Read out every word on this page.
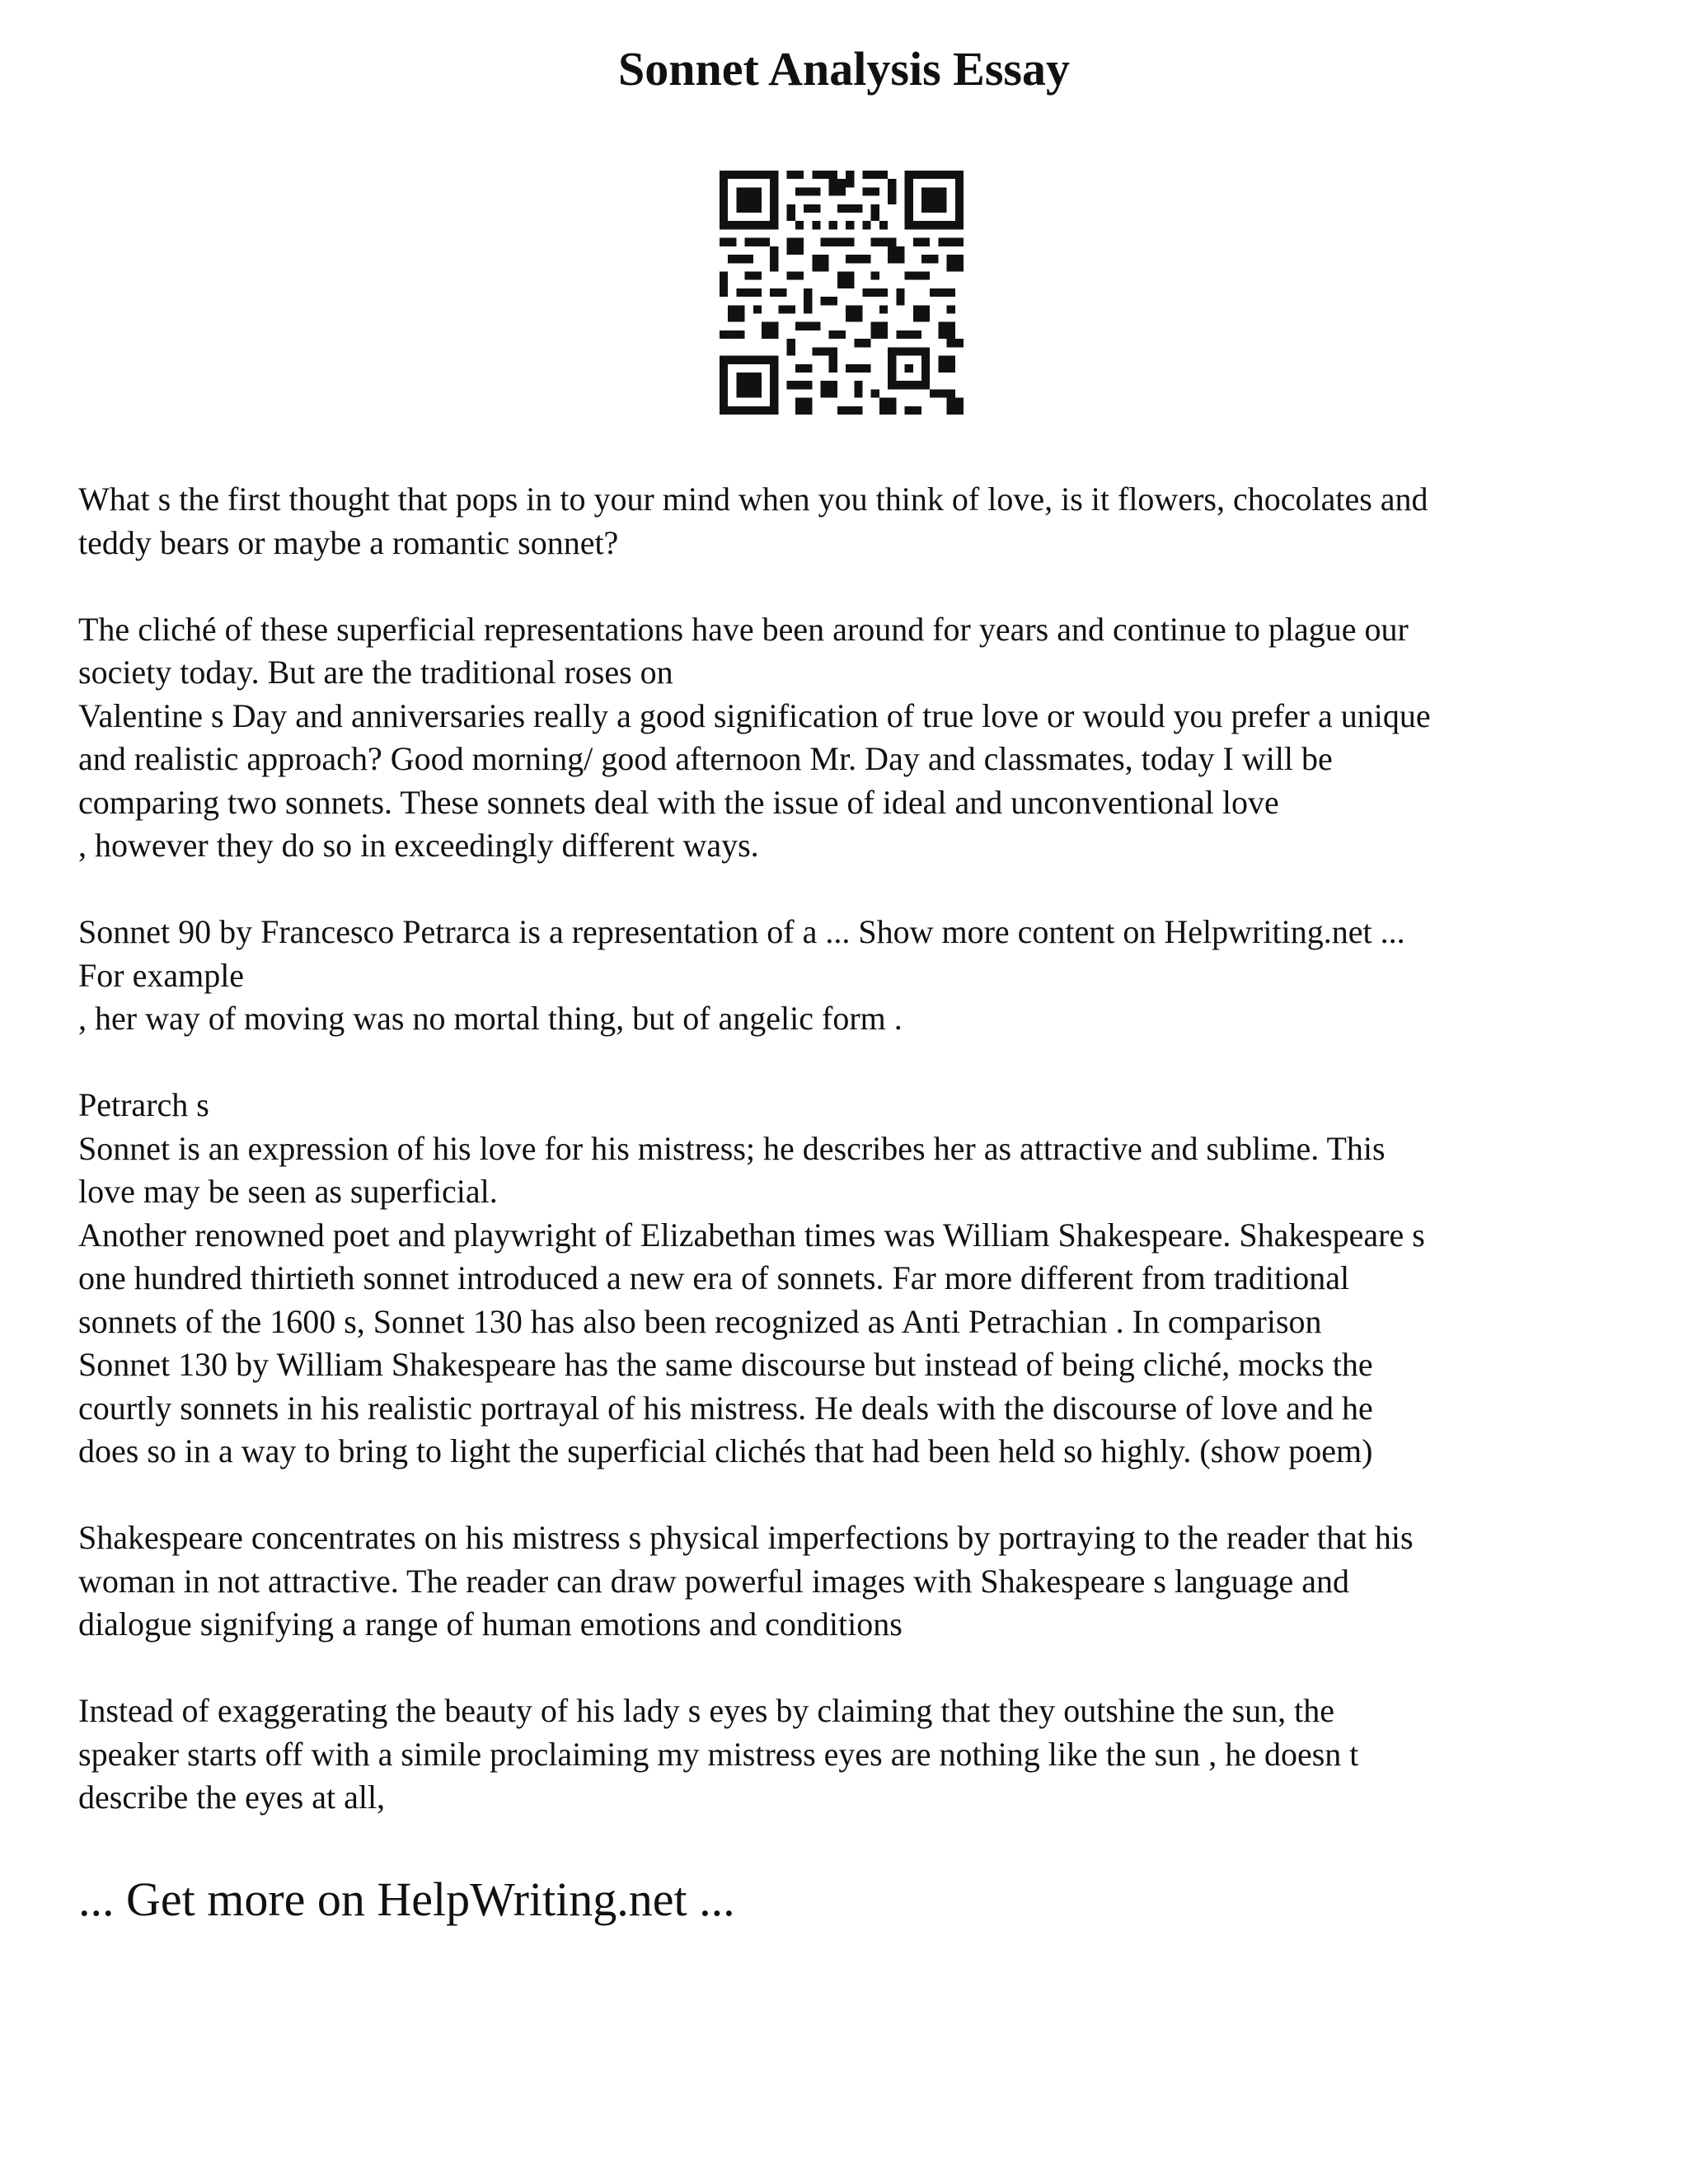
Sonnet Analysis Essay

What s the first thought that pops in to your mind when you think of love, is it flowers, chocolates and
teddy bears or maybe a romantic sonnet?

The cliché of these superficial representations have been around for years and continue to plague our
society today. But are the traditional roses on
Valentine s Day and anniversaries really a good signification of true love or would you prefer a unique
and realistic approach? Good morning/ good afternoon Mr. Day and classmates, today I will be
comparing two sonnets. These sonnets deal with the issue of ideal and unconventional love
, however they do so in exceedingly different ways.

Sonnet 90 by Francesco Petrarca is a representation of a ... Show more content on Helpwriting.net ...
For example
, her way of moving was no mortal thing, but of angelic form .

Petrarch s
Sonnet is an expression of his love for his mistress; he describes her as attractive and sublime. This
love may be seen as superficial.
Another renowned poet and playwright of Elizabethan times was William Shakespeare. Shakespeare s
one hundred thirtieth sonnet introduced a new era of sonnets. Far more different from traditional
sonnets of the 1600 s, Sonnet 130 has also been recognized as Anti Petrachian . In comparison
Sonnet 130 by William Shakespeare has the same discourse but instead of being cliché, mocks the
courtly sonnets in his realistic portrayal of his mistress. He deals with the discourse of love and he
does so in a way to bring to light the superficial clichés that had been held so highly. (show poem)

Shakespeare concentrates on his mistress s physical imperfections by portraying to the reader that his
woman in not attractive. The reader can draw powerful images with Shakespeare s language and
dialogue signifying a range of human emotions and conditions

Instead of exaggerating the beauty of his lady s eyes by claiming that they outshine the sun, the
speaker starts off with a simile proclaiming my mistress eyes are nothing like the sun , he doesn t
describe the eyes at all,

... Get more on HelpWriting.net ...
